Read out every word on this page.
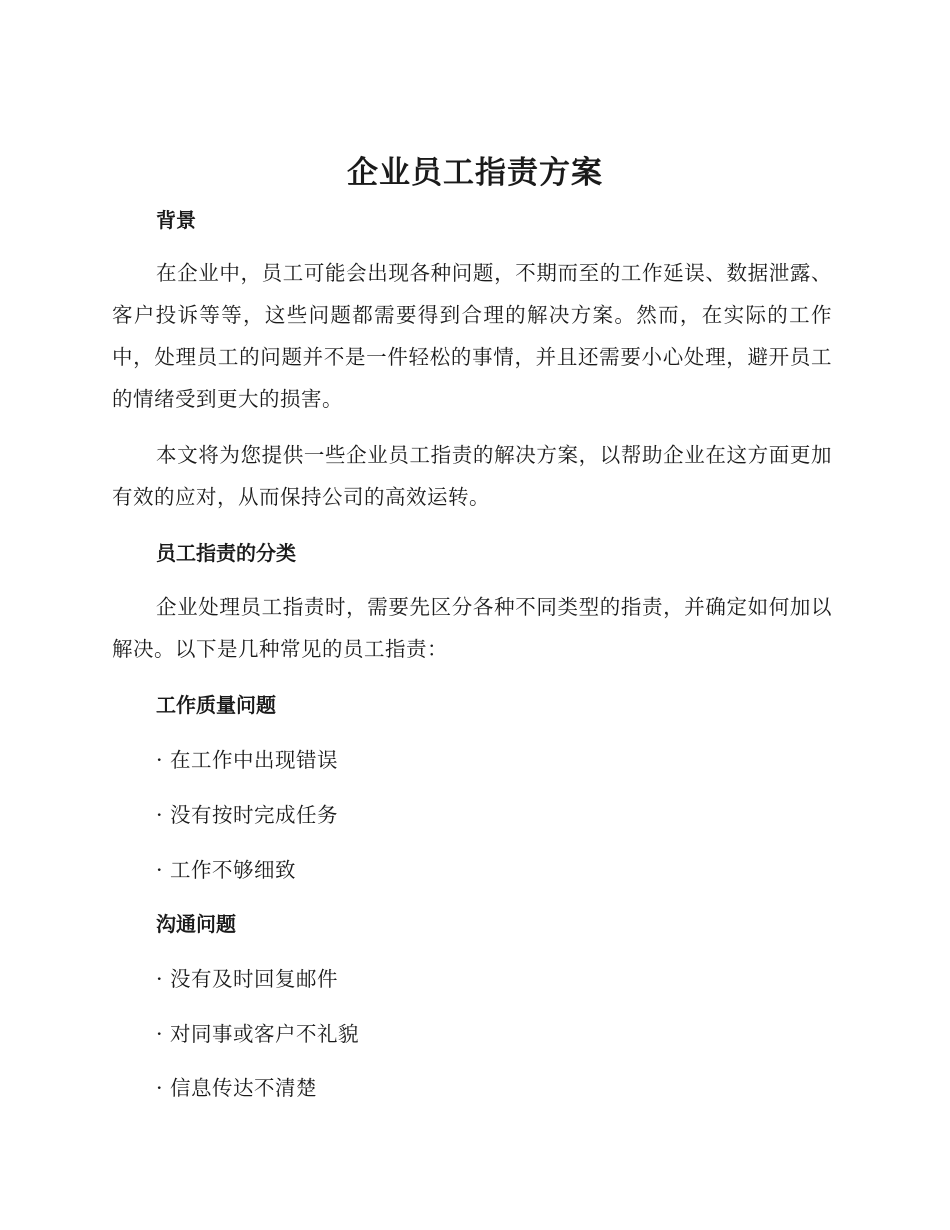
企业员工指责方案
背景
在企业中，员工可能会出现各种问题，不期而至的工作延误、数据泄露、客户投诉等等，这些问题都需要得到合理的解决方案。然而，在实际的工作中，处理员工的问题并不是一件轻松的事情，并且还需要小心处理，避开员工的情绪受到更大的损害。
本文将为您提供一些企业员工指责的解决方案，以帮助企业在这方面更加有效的应对，从而保持公司的高效运转。
员工指责的分类
企业处理员工指责时，需要先区分各种不同类型的指责，并确定如何加以解决。以下是几种常见的员工指责：
工作质量问题
· 在工作中出现错误
· 没有按时完成任务
· 工作不够细致
沟通问题
· 没有及时回复邮件
· 对同事或客户不礼貌
· 信息传达不清楚
